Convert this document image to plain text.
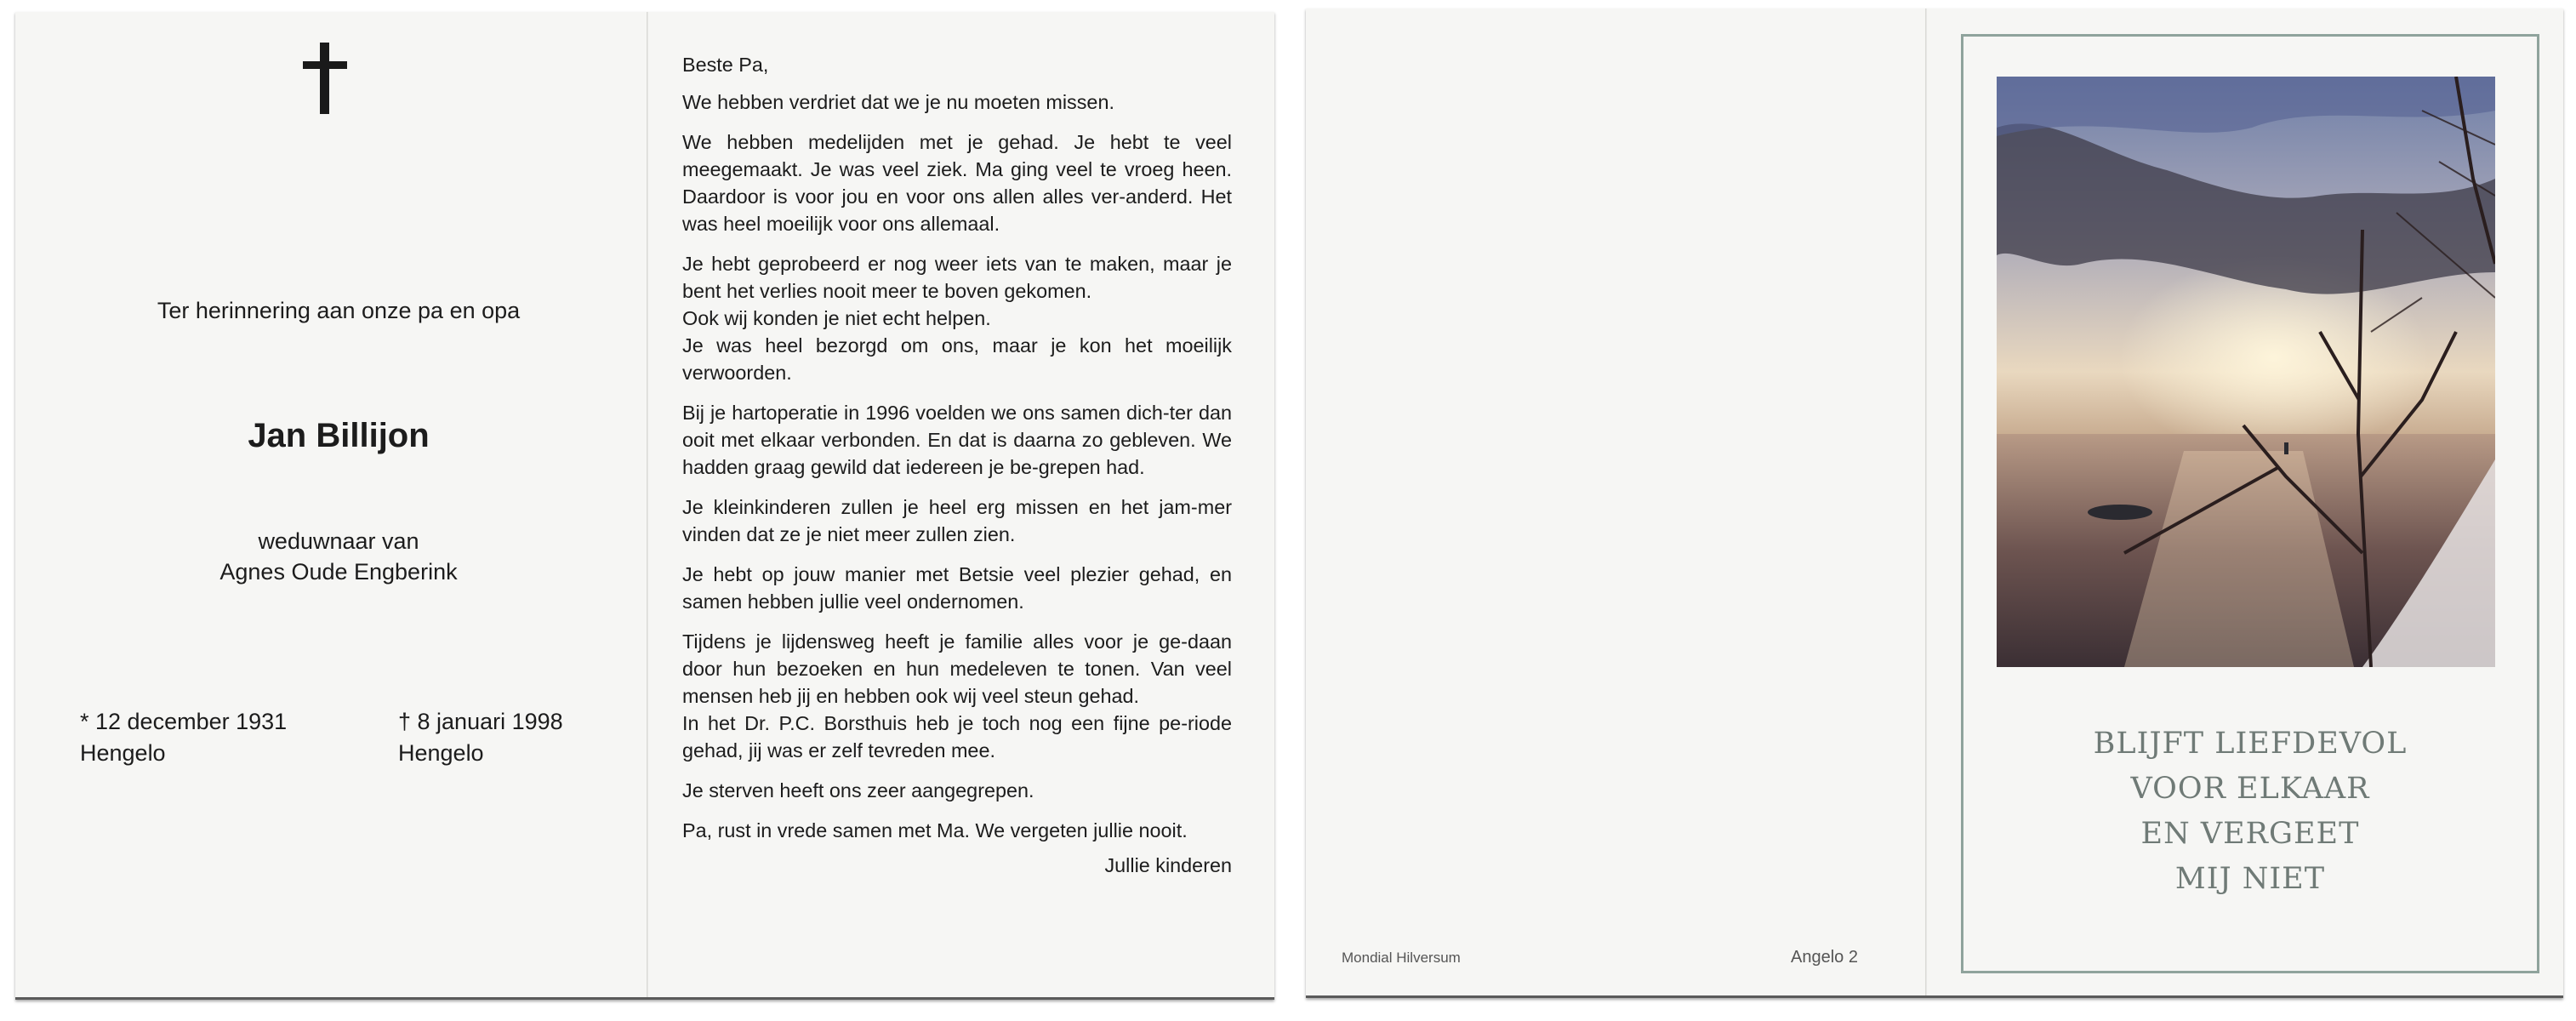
Ter herinnering aan onze pa en opa
Jan Billijon
weduwnaar van
Agnes Oude Engberink
* 12 december 1931
Hengelo
† 8 januari 1998
Hengelo

Beste Pa,

We hebben verdriet dat we je nu moeten missen.

We hebben medelijden met je gehad. Je hebt te veel meegemaakt. Je was veel ziek. Ma ging veel te vroeg heen. Daardoor is voor jou en voor ons allen alles ver-anderd. Het was heel moeilijk voor ons allemaal.

Je hebt geprobeerd er nog weer iets van te maken, maar je bent het verlies nooit meer te boven gekomen.
Ook wij konden je niet echt helpen.
Je was heel bezorgd om ons, maar je kon het moeilijk verwoorden.

Bij je hartoperatie in 1996 voelden we ons samen dich-ter dan ooit met elkaar verbonden. En dat is daarna zo gebleven. We hadden graag gewild dat iedereen je be-grepen had.

Je kleinkinderen zullen je heel erg missen en het jam-mer vinden dat ze je niet meer zullen zien.

Je hebt op jouw manier met Betsie veel plezier gehad, en samen hebben jullie veel ondernomen.

Tijdens je lijdensweg heeft je familie alles voor je ge-daan door hun bezoeken en hun medeleven te tonen. Van veel mensen heb jij en hebben ook wij veel steun gehad.
In het Dr. P.C. Borsthuis heb je toch nog een fijne pe-riode gehad, jij was er zelf tevreden mee.

Je sterven heeft ons zeer aangegrepen.

Pa, rust in vrede samen met Ma. We vergeten jullie nooit.

Jullie kinderen

Mondial Hilversum	Angelo 2
BLIJFT LIEFDEVOL
VOOR ELKAAR
EN VERGEET
MIJ NIET
